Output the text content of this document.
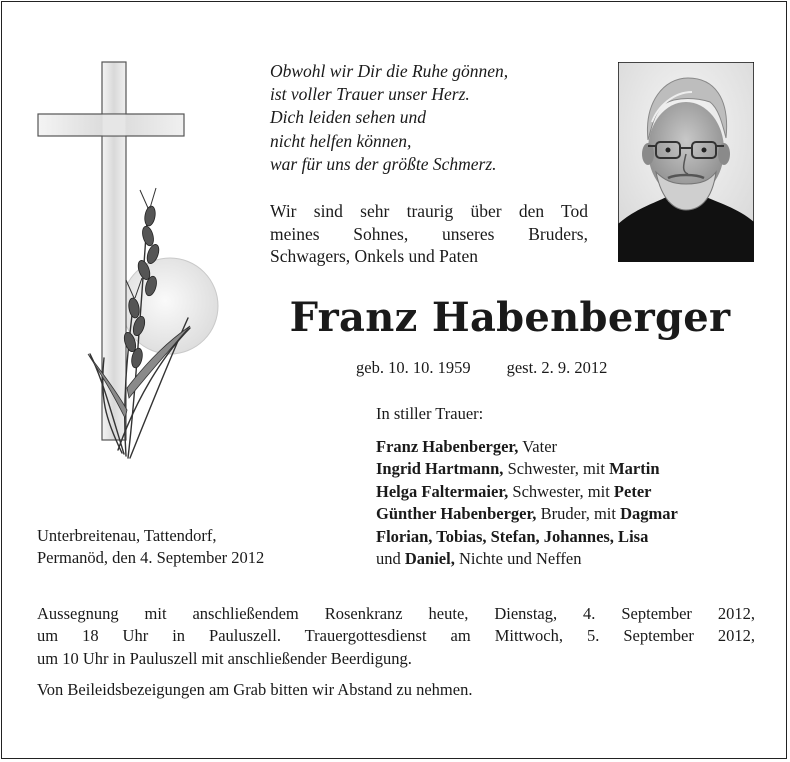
Obwohl wir Dir die Ruhe gönnen,
ist voller Trauer unser Herz.
Dich leiden sehen und
nicht helfen können,
war für uns der größte Schmerz.
Wir sind sehr traurig über den Tod
meines Sohnes, unseres Bruders,
Schwagers, Onkels und Paten
Franz Habenberger
geb. 10. 10. 1959 gest. 2. 9. 2012
In stiller Trauer:
Franz Habenberger, Vater
Ingrid Hartmann, Schwester, mit Martin
Helga Faltermaier, Schwester, mit Peter
Günther Habenberger, Bruder, mit Dagmar
Florian, Tobias, Stefan, Johannes, Lisa
und Daniel, Nichte und Neffen
Unterbreitenau, Tattendorf,
Permanöd, den 4. September 2012
Aussegnung mit anschließendem Rosenkranz heute, Dienstag, 4. September 2012,
um 18 Uhr in Pauluszell. Trauergottesdienst am Mittwoch, 5. September 2012,
um 10 Uhr in Pauluszell mit anschließender Beerdigung.
Von Beileidsbezeigungen am Grab bitten wir Abstand zu nehmen.
